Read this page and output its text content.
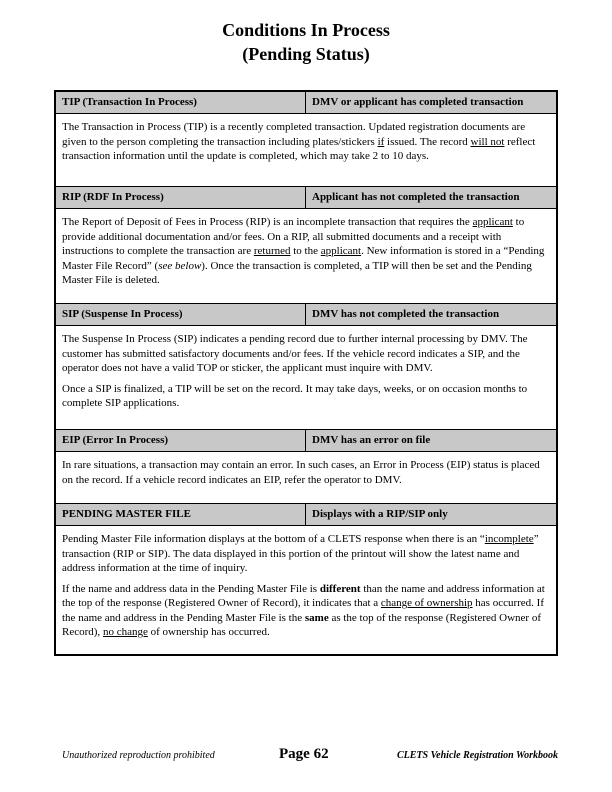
Conditions In Process
(Pending Status)
TIP (Transaction In Process)	DMV or applicant has completed transaction

The Transaction in Process (TIP) is a recently completed transaction. Updated registration documents are given to the person completing the transaction including plates/stickers if issued. The record will not reflect transaction information until the update is completed, which may take 2 to 10 days.

RIP (RDF In Process)	Applicant has not completed the transaction

The Report of Deposit of Fees in Process (RIP) is an incomplete transaction that requires the applicant to provide additional documentation and/or fees. On a RIP, all submitted documents and a receipt with instructions to complete the transaction are returned to the applicant. New information is stored in a “Pending Master File Record” (see below). Once the transaction is completed, a TIP will then be set and the Pending Master File is deleted.

SIP (Suspense In Process)	DMV has not completed the transaction

The Suspense In Process (SIP) indicates a pending record due to further internal processing by DMV. The customer has submitted satisfactory documents and/or fees. If the vehicle record indicates a SIP, and the operator does not have a valid TOP or sticker, the applicant must inquire with DMV.

Once a SIP is finalized, a TIP will be set on the record. It may take days, weeks, or on occasion months to complete SIP applications.

EIP (Error In Process)	DMV has an error on file

In rare situations, a transaction may contain an error. In such cases, an Error in Process (EIP) status is placed on the record. If a vehicle record indicates an EIP, refer the operator to DMV.

PENDING MASTER FILE	Displays with a RIP/SIP only

Pending Master File information displays at the bottom of a CLETS response when there is an “incomplete” transaction (RIP or SIP). The data displayed in this portion of the printout will show the latest name and address information at the time of inquiry.

If the name and address data in the Pending Master File is different than the name and address information at the top of the response (Registered Owner of Record), it indicates that a change of ownership has occurred. If the name and address in the Pending Master File is the same as the top of the response (Registered Owner of Record), no change of ownership has occurred.

Unauthorized reproduction prohibited	Page 62	CLETS Vehicle Registration Workbook
